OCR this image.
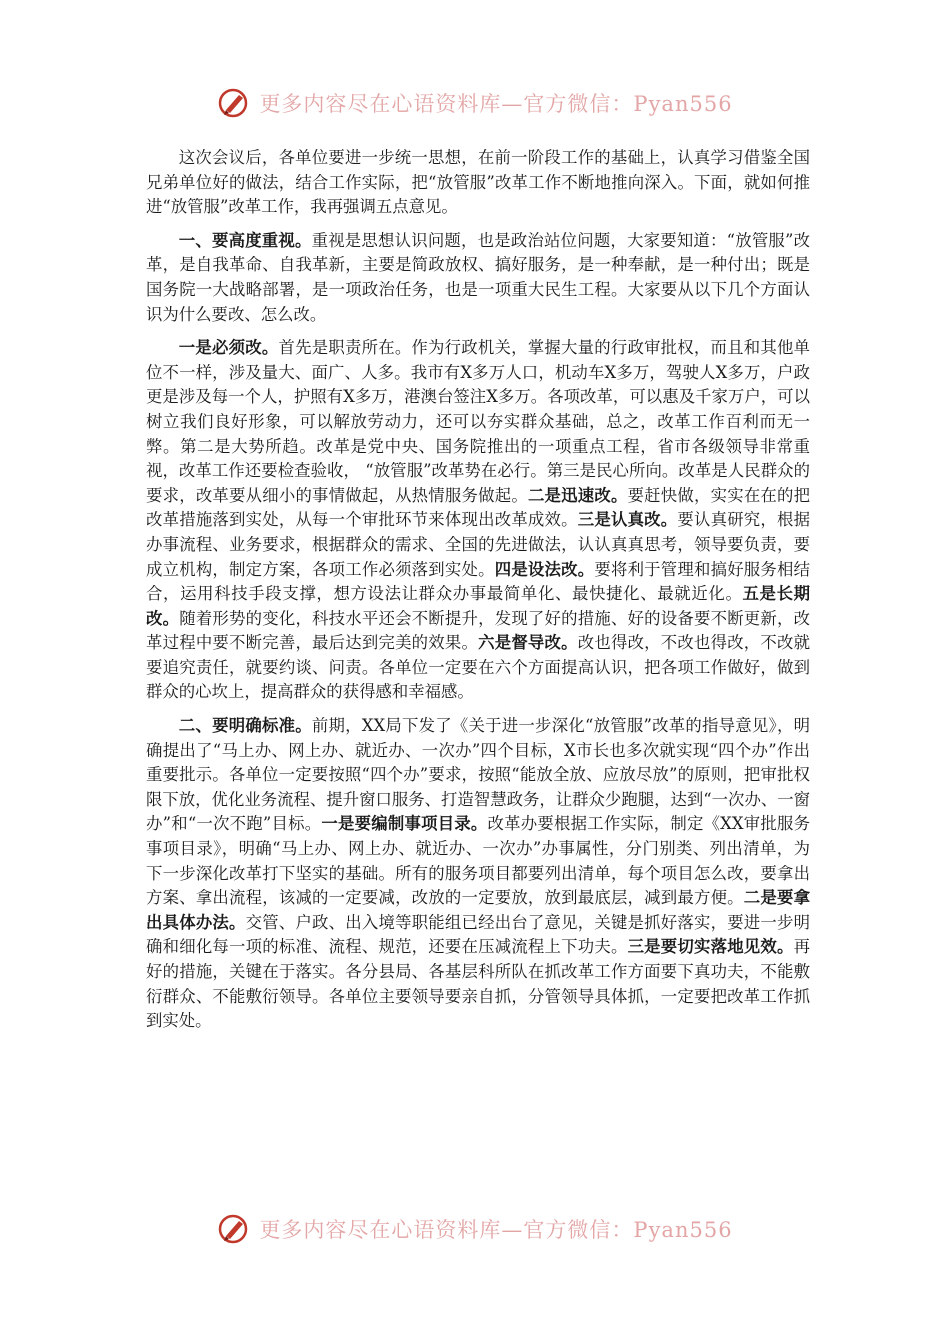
更多内容尽在心语资料库—官方微信：Pyan556

这次会议后，各单位要进一步统一思想，在前一阶段工作的基础上，认真学习借鉴全国兄弟单位好的做法，结合工作实际，把“放管服”改革工作不断地推向深入。下面，就如何推进“放管服”改革工作，我再强调五点意见。

一、要高度重视。重视是思想认识问题，也是政治站位问题，大家要知道：“放管服”改革，是自我革命、自我革新，主要是简政放权、搞好服务，是一种奉献，是一种付出；既是国务院一大战略部署，是一项政治任务，也是一项重大民生工程。大家要从以下几个方面认识为什么要改、怎么改。

一是必须改。首先是职责所在。作为行政机关，掌握大量的行政审批权，而且和其他单位不一样，涉及量大、面广、人多。我市有X多万人口，机动车X多万，驾驶人X多万，户政更是涉及每一个人，护照有X多万，港澳台签注X多万。各项改革，可以惠及千家万户，可以树立我们良好形象，可以解放劳动力，还可以夯实群众基础，总之，改革工作百利而无一弊。第二是大势所趋。改革是党中央、国务院推出的一项重点工程，省市各级领导非常重视，改革工作还要检查验收， “放管服”改革势在必行。第三是民心所向。改革是人民群众的要求，改革要从细小的事情做起，从热情服务做起。二是迅速改。要赶快做，实实在在的把改革措施落到实处，从每一个审批环节来体现出改革成效。三是认真改。要认真研究，根据办事流程、业务要求，根据群众的需求、全国的先进做法，认认真真思考，领导要负责，要成立机构，制定方案，各项工作必须落到实处。四是设法改。要将利于管理和搞好服务相结合，运用科技手段支撑，想方设法让群众办事最简单化、最快捷化、最就近化。五是长期改。随着形势的变化，科技水平还会不断提升，发现了好的措施、好的设备要不断更新，改革过程中要不断完善，最后达到完美的效果。六是督导改。改也得改，不改也得改，不改就要追究责任，就要约谈、问责。各单位一定要在六个方面提高认识，把各项工作做好，做到群众的心坎上，提高群众的获得感和幸福感。

二、要明确标准。前期，XX局下发了《关于进一步深化“放管服”改革的指导意见》，明确提出了“马上办、网上办、就近办、一次办”四个目标，X市长也多次就实现“四个办”作出重要批示。各单位一定要按照“四个办”要求，按照“能放全放、应放尽放”的原则，把审批权限下放，优化业务流程、提升窗口服务、打造智慧政务，让群众少跑腿，达到“一次办、一窗办”和“一次不跑”目标。一是要编制事项目录。改革办要根据工作实际，制定《XX审批服务事项目录》，明确“马上办、网上办、就近办、一次办”办事属性，分门别类、列出清单，为下一步深化改革打下坚实的基础。所有的服务项目都要列出清单，每个项目怎么改，要拿出方案、拿出流程，该减的一定要减，改放的一定要放，放到最底层，减到最方便。二是要拿出具体办法。交管、户政、出入境等职能组已经出台了意见，关键是抓好落实，要进一步明确和细化每一项的标准、流程、规范，还要在压减流程上下功夫。三是要切实落地见效。再好的措施，关键在于落实。各分县局、各基层科所队在抓改革工作方面要下真功夫，不能敷衍群众、不能敷衍领导。各单位主要领导要亲自抓，分管领导具体抓，一定要把改革工作抓到实处。

更多内容尽在心语资料库—官方微信：Pyan556
